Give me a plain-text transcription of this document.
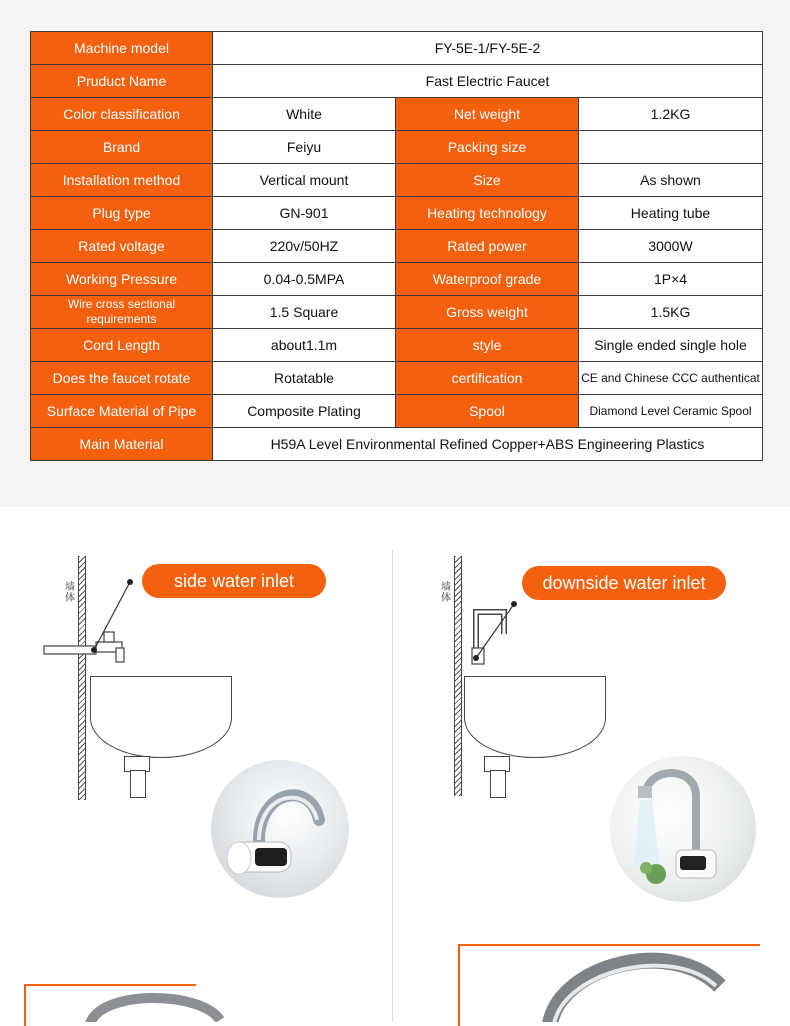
Machine model	FY-5E-1/FY-5E-2		
Pruduct Name	Fast Electric Faucet		
Color classification	White	Net weight	1.2KG
Brand	Feiyu	Packing size	
Installation method	Vertical mount	Size	As shown
Plug type	GN-901	Heating technology	Heating tube
Rated voltage	220v/50HZ	Rated power	3000W
Working Pressure	0.04-0.5MPA	Waterproof grade	1P×4
Wire cross sectional requirements	1.5 Square	Gross weight	1.5KG
Cord Length	about1.1m	style	Single ended single hole
Does the faucet rotate	Rotatable	certification	CE and Chinese CCC authenticat
Surface Material of Pipe	Composite Plating	Spool	Diamond Level Ceramic Spool
Main Material	H59A Level Environmental Refined Copper+ABS Engineering Plastics		
side water inlet
墙体
downside water inlet
墙体
